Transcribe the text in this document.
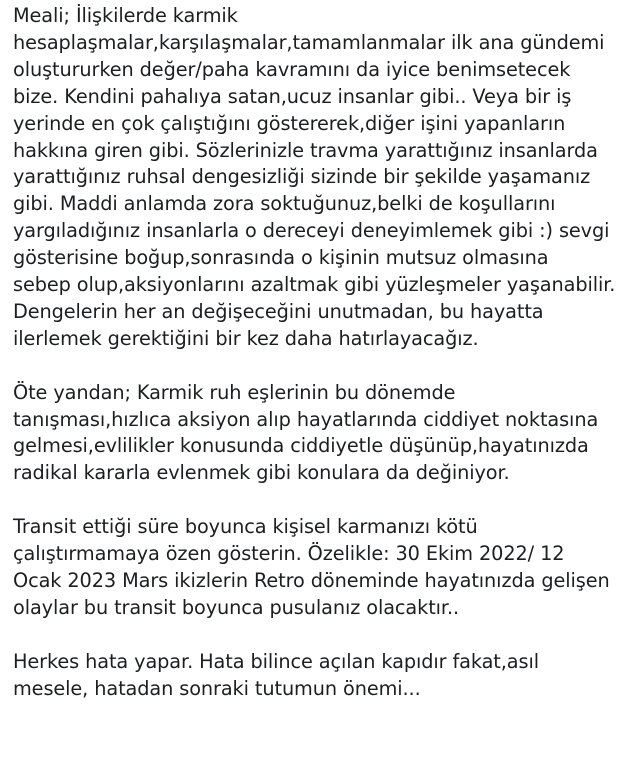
Meali; İlişkilerde karmik
hesaplaşmalar,karşılaşmalar,tamamlanmalar ilk ana gündemi
oluştururken değer/paha kavramını da iyice benimsetecek
bize. Kendini pahalıya satan,ucuz insanlar gibi.. Veya bir iş
yerinde en çok çalıştığını göstererek,diğer işini yapanların
hakkına giren gibi. Sözlerinizle travma yarattığınız insanlarda
yarattığınız ruhsal dengesizliği sizinde bir şekilde yaşamanız
gibi. Maddi anlamda zora soktuğunuz,belki de koşullarını
yargıladığınız insanlarla o dereceyi deneyimlemek gibi :) sevgi
gösterisine boğup,sonrasında o kişinin mutsuz olmasına
sebep olup,aksiyonlarını azaltmak gibi yüzleşmeler yaşanabilir.
Dengelerin her an değişeceğini unutmadan, bu hayatta
ilerlemek gerektiğini bir kez daha hatırlayacağız.
Öte yandan; Karmik ruh eşlerinin bu dönemde
tanışması,hızlıca aksiyon alıp hayatlarında ciddiyet noktasına
gelmesi,evlilikler konusunda ciddiyetle düşünüp,hayatınızda
radikal kararla evlenmek gibi konulara da değiniyor.
Transit ettiği süre boyunca kişisel karmanızı kötü
çalıştırmamaya özen gösterin. Özelikle: 30 Ekim 2022/ 12
Ocak 2023 Mars ikizlerin Retro döneminde hayatınızda gelişen
olaylar bu transit boyunca pusulanız olacaktır..
Herkes hata yapar. Hata bilince açılan kapıdır fakat,asıl
mesele, hatadan sonraki tutumun önemi...
